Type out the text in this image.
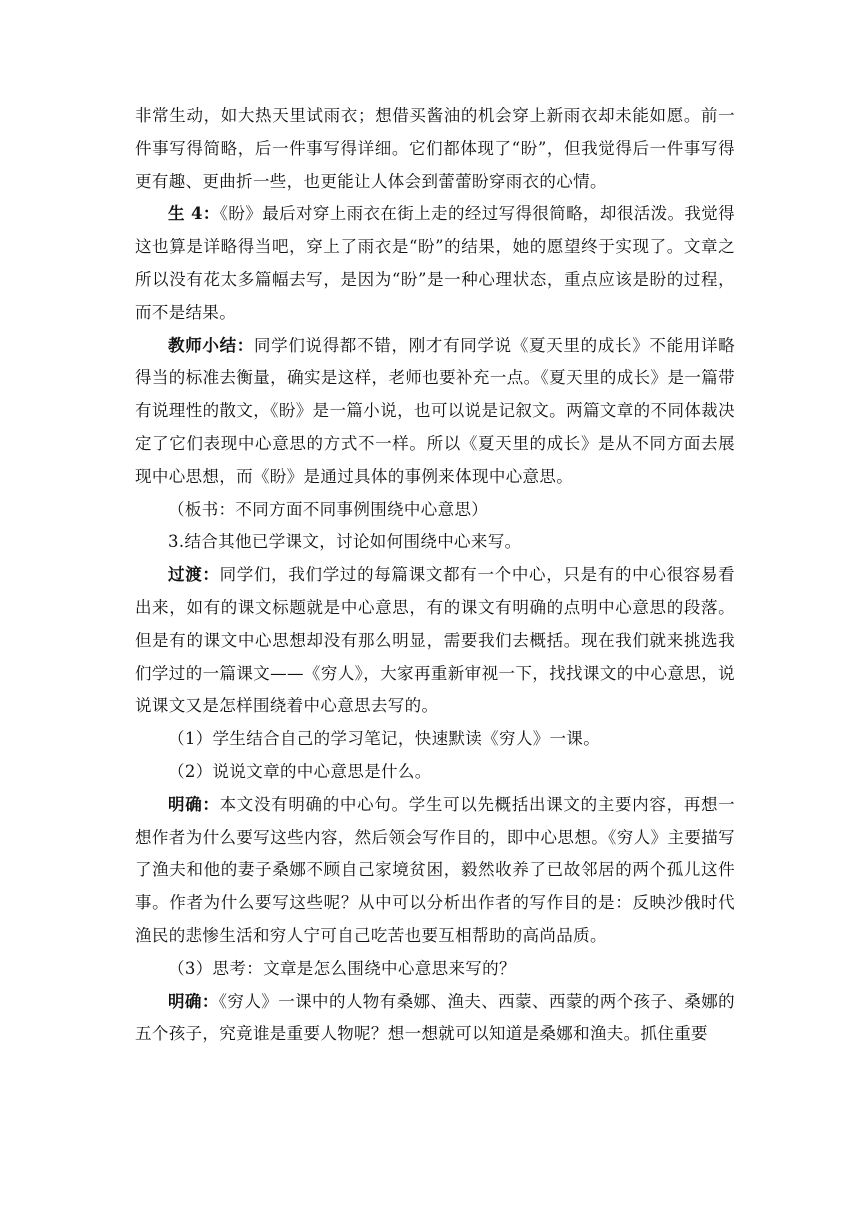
非常生动，如大热天里试雨衣；想借买酱油的机会穿上新雨衣却未能如愿。前一件事写得简略，后一件事写得详细。它们都体现了“盼”，但我觉得后一件事写得更有趣、更曲折一些，也更能让人体会到蕾蕾盼穿雨衣的心情。

生 4：《盼》最后对穿上雨衣在街上走的经过写得很简略，却很活泼。我觉得这也算是详略得当吧，穿上了雨衣是“盼”的结果，她的愿望终于实现了。文章之所以没有花太多篇幅去写，是因为“盼”是一种心理状态，重点应该是盼的过程，而不是结果。

教师小结：同学们说得都不错，刚才有同学说《夏天里的成长》不能用详略得当的标准去衡量，确实是这样，老师也要补充一点。《夏天里的成长》是一篇带有说理性的散文，《盼》是一篇小说，也可以说是记叙文。两篇文章的不同体裁决定了它们表现中心意思的方式不一样。所以《夏天里的成长》是从不同方面去展现中心思想，而《盼》是通过具体的事例来体现中心意思。

（板书：不同方面不同事例围绕中心意思）

3.结合其他已学课文，讨论如何围绕中心来写。

过渡：同学们，我们学过的每篇课文都有一个中心，只是有的中心很容易看出来，如有的课文标题就是中心意思，有的课文有明确的点明中心意思的段落。但是有的课文中心思想却没有那么明显，需要我们去概括。现在我们就来挑选我们学过的一篇课文——《穷人》，大家再重新审视一下，找找课文的中心意思，说说课文又是怎样围绕着中心意思去写的。

（1）学生结合自己的学习笔记，快速默读《穷人》一课。

（2）说说文章的中心意思是什么。

明确：本文没有明确的中心句。学生可以先概括出课文的主要内容，再想一想作者为什么要写这些内容，然后领会写作目的，即中心思想。《穷人》主要描写了渔夫和他的妻子桑娜不顾自己家境贫困，毅然收养了已故邻居的两个孤儿这件事。作者为什么要写这些呢？从中可以分析出作者的写作目的是：反映沙俄时代渔民的悲惨生活和穷人宁可自己吃苦也要互相帮助的高尚品质。

（3）思考：文章是怎么围绕中心意思来写的？

明确：《穷人》一课中的人物有桑娜、渔夫、西蒙、西蒙的两个孩子、桑娜的五个孩子，究竟谁是重要人物呢？想一想就可以知道是桑娜和渔夫。抓住重要
